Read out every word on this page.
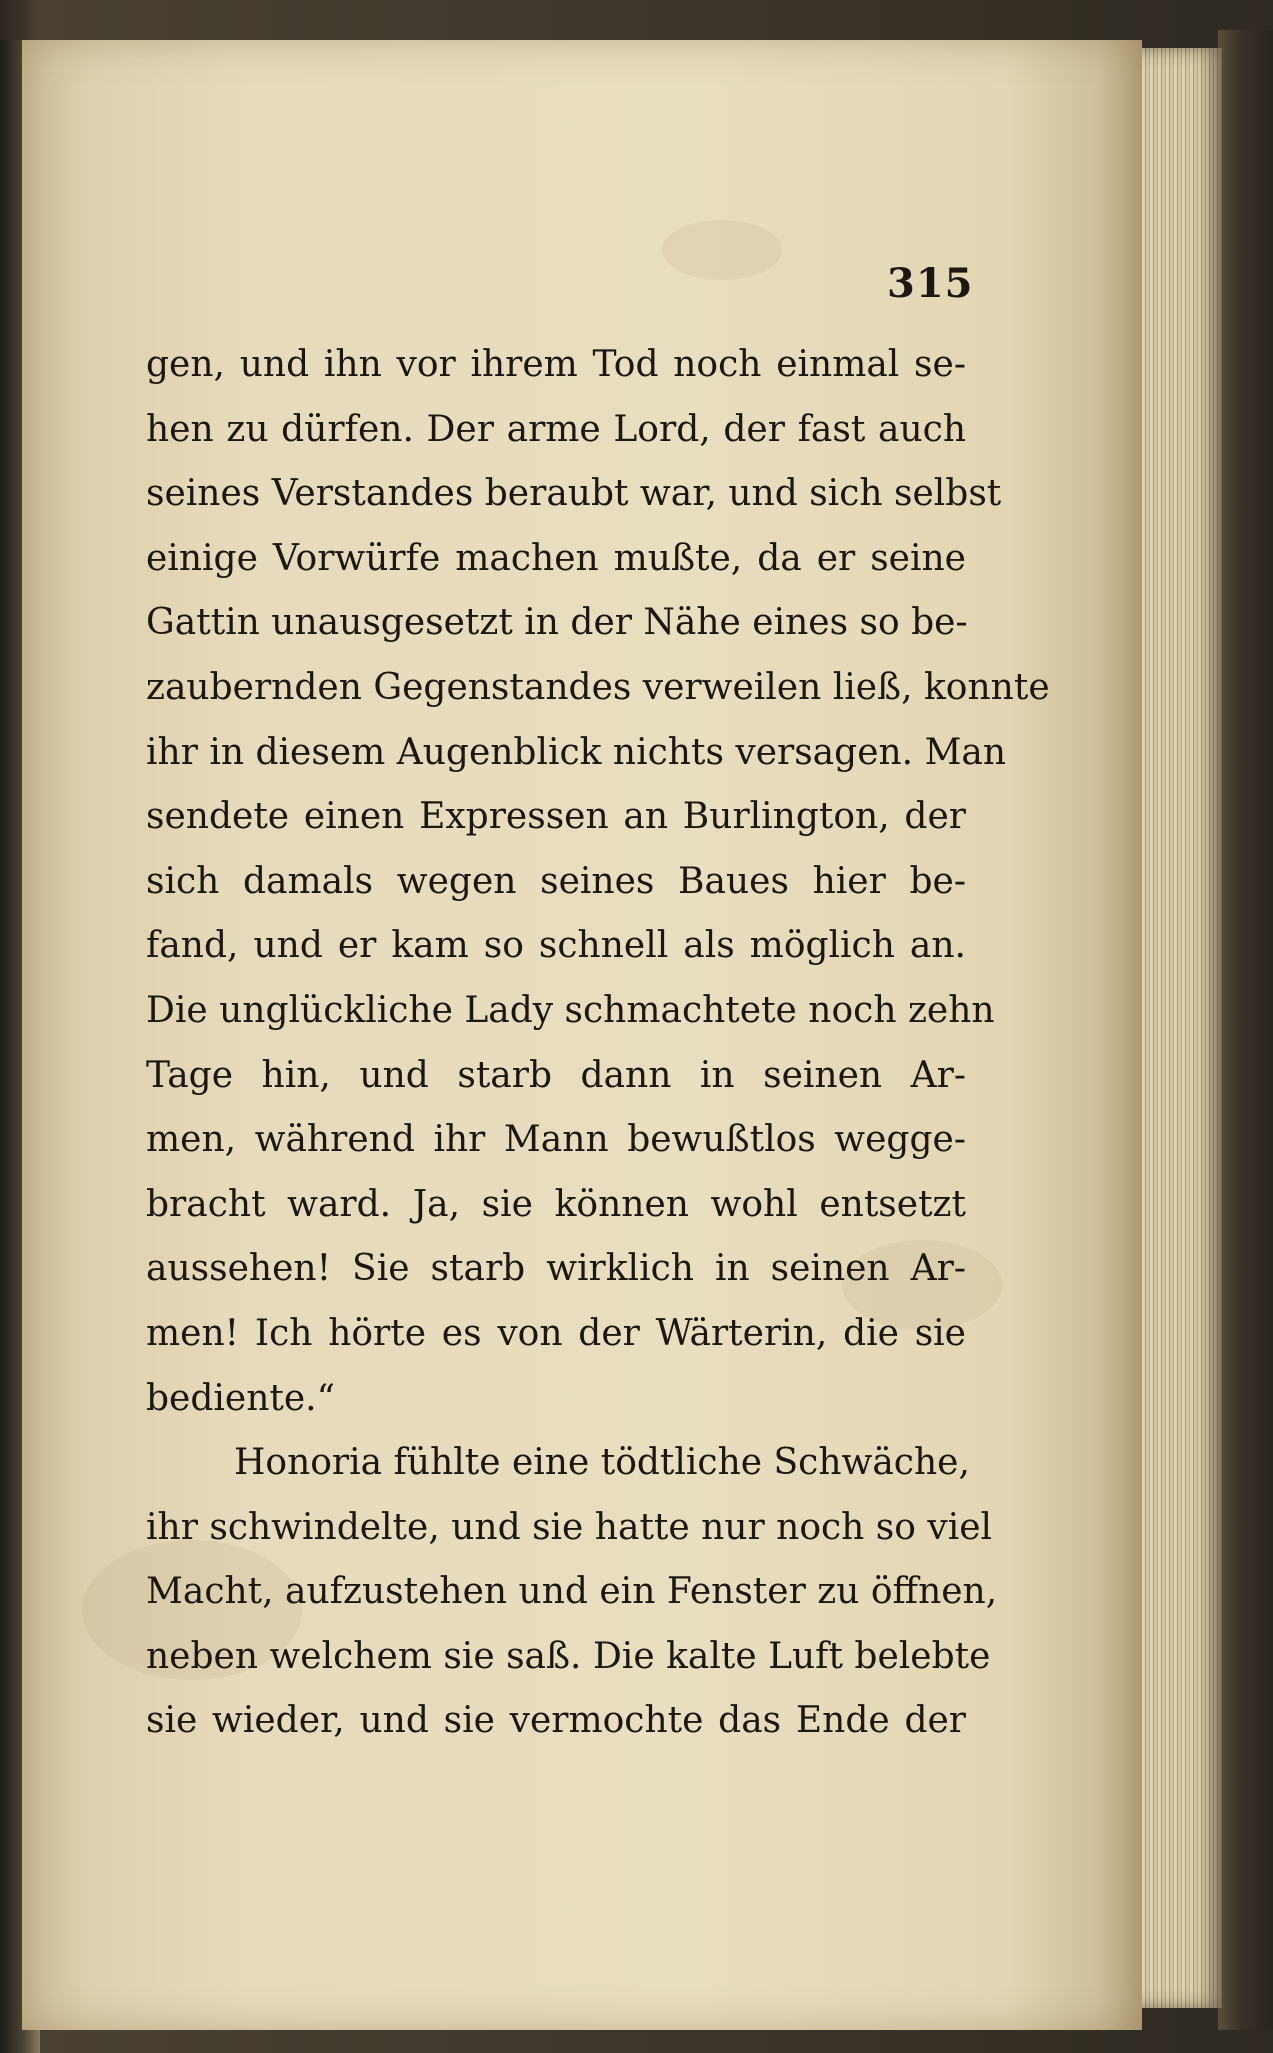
315
gen, und ihn vor ihrem Tod noch einmal se-
hen zu dürfen. Der arme Lord, der fast auch
seines Verstandes beraubt war, und sich selbst
einige Vorwürfe machen mußte, da er seine
Gattin unausgesetzt in der Nähe eines so be-
zaubernden Gegenstandes verweilen ließ, konnte
ihr in diesem Augenblick nichts versagen. Man
sendete einen Expressen an Burlington, der
sich damals wegen seines Baues hier be-
fand, und er kam so schnell als möglich an.
Die unglückliche Lady schmachtete noch zehn
Tage hin, und starb dann in seinen Ar-
men, während ihr Mann bewußtlos wegge-
bracht ward. Ja, sie können wohl entsetzt
aussehen! Sie starb wirklich in seinen Ar-
men! Ich hörte es von der Wärterin, die sie
bediente.“
Honoria fühlte eine tödtliche Schwäche,
ihr schwindelte, und sie hatte nur noch so viel
Macht, aufzustehen und ein Fenster zu öffnen,
neben welchem sie saß. Die kalte Luft belebte
sie wieder, und sie vermochte das Ende der
